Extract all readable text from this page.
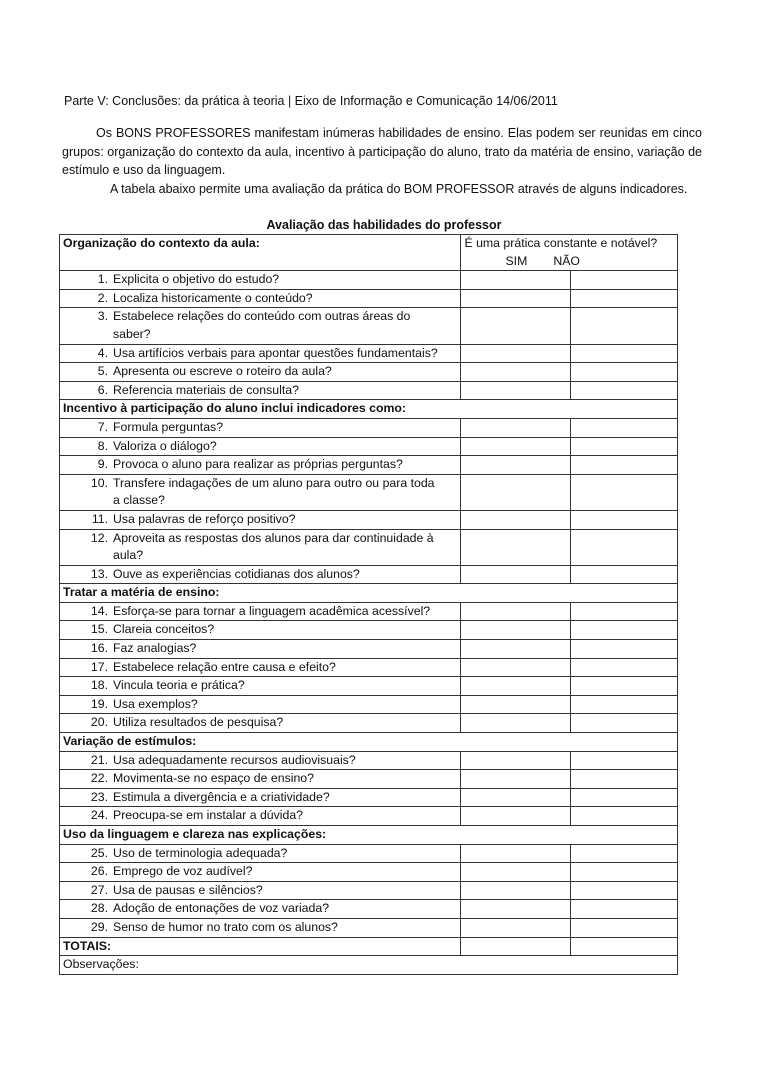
Parte V: Conclusões: da prática à teoria | Eixo de Informação e Comunicação 14/06/2011

Os BONS PROFESSORES manifestam inúmeras habilidades de ensino. Elas podem ser reunidas em cinco grupos: organização do contexto da aula, incentivo à participação do aluno, trato da matéria de ensino, variação de estímulo e uso da linguagem.

A tabela abaixo permite uma avaliação da prática do BOM PROFESSOR através de alguns indicadores.

Avaliação das habilidades do professor
Organização do contexto da aula:	É uma prática constante e notável?
SIM NÃO	

1. Explicita o objetivo do estudo?		
2. Localiza historicamente o conteúdo?		
3. Estabelece relações do conteúdo com outras áreas do saber?		
4. Usa artifícios verbais para apontar questões fundamentais?		
5. Apresenta ou escreve o roteiro da aula?		
6. Referencia materiais de consulta?		
Incentivo à participação do aluno inclui indicadores como:		
7. Formula perguntas?		
8. Valoriza o diálogo?		
9. Provoca o aluno para realizar as próprias perguntas?		
10. Transfere indagações de um aluno para outro ou para toda a classe?		
11. Usa palavras de reforço positivo?		
12. Aproveita as respostas dos alunos para dar continuidade à aula?		
13. Ouve as experiências cotidianas dos alunos?		
Tratar a matéria de ensino:		
14. Esforça-se para tornar a linguagem acadêmica acessível?		
15. Clareia conceitos?		
16. Faz analogias?		
17. Estabelece relação entre causa e efeito?		
18. Vincula teoria e prática?		
19. Usa exemplos?		
20. Utiliza resultados de pesquisa?		
Variação de estímulos:		
21. Usa adequadamente recursos audiovisuais?		
22. Movimenta-se no espaço de ensino?		
23. Estimula a divergência e a criatividade?		
24. Preocupa-se em instalar a dúvida?		
Uso da linguagem e clareza nas explicações:		
25. Uso de terminologia adequada?		
26. Emprego de voz audível?		
27. Usa de pausas e silêncios?		
28. Adoção de entonações de voz variada?		
29. Senso de humor no trato com os alunos?		
TOTAIS:		
Observações:		
